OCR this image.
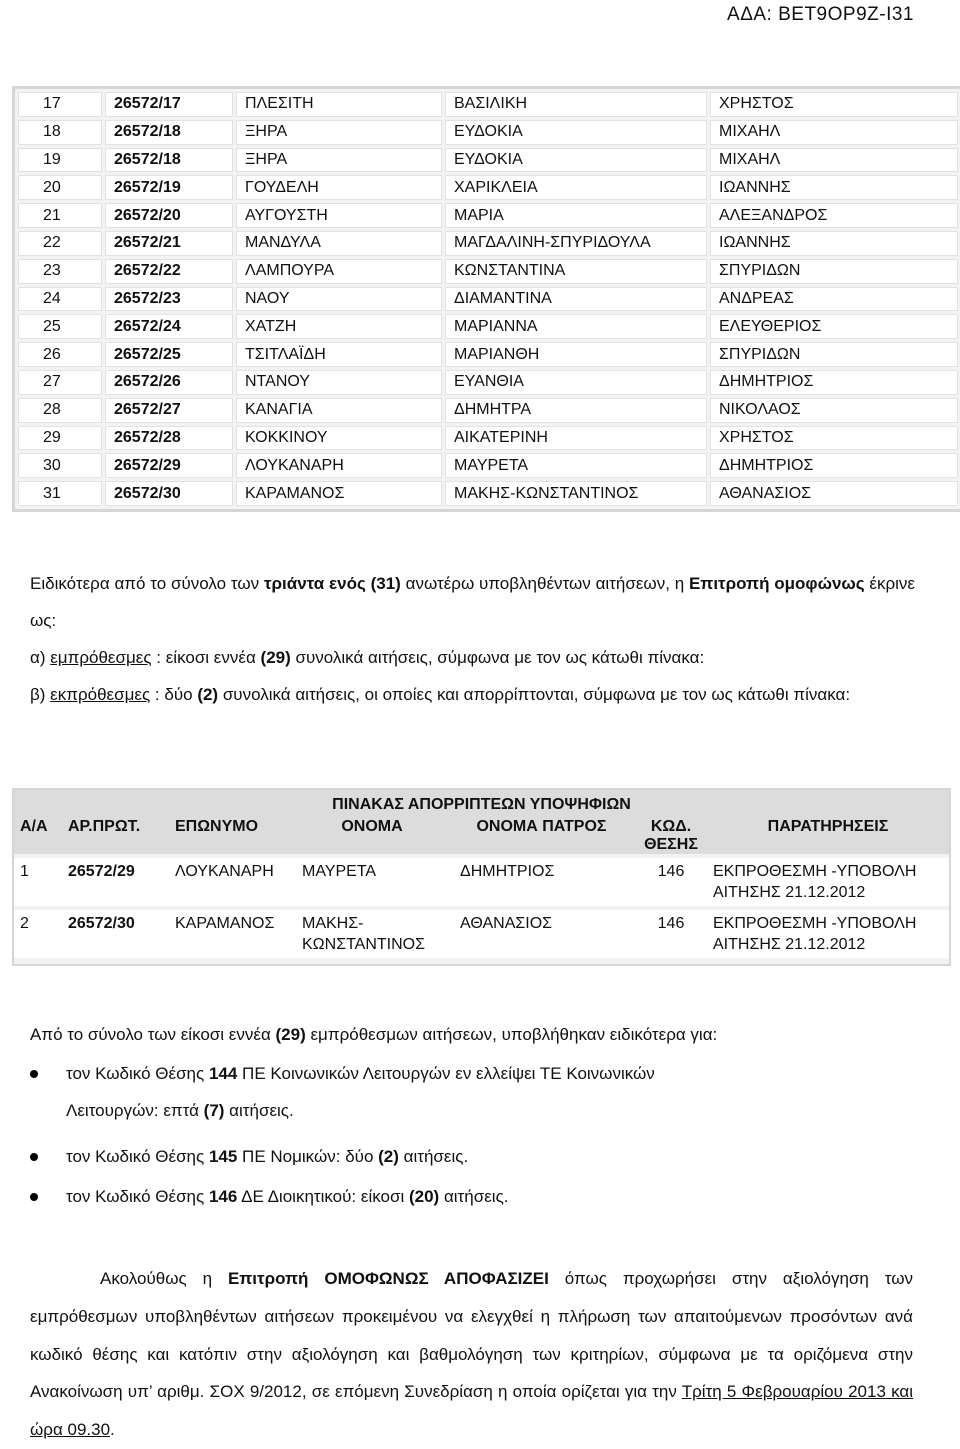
ΑΔΑ: ΒΕΤ9ΟΡ9Ζ-Ι31
17	26572/17	ΠΛΕΣΙΤΗ	ΒΑΣΙΛΙΚΗ	ΧΡΗΣΤΟΣ
18	26572/18	ΞΗΡΑ	ΕΥΔΟΚΙΑ	ΜΙΧΑΗΛ
19	26572/18	ΞΗΡΑ	ΕΥΔΟΚΙΑ	ΜΙΧΑΗΛ
20	26572/19	ΓΟΥΔΕΛΗ	ΧΑΡΙΚΛΕΙΑ	ΙΩΑΝΝΗΣ
21	26572/20	ΑΥΓΟΥΣΤΗ	ΜΑΡΙΑ	ΑΛΕΞΑΝΔΡΟΣ
22	26572/21	ΜΑΝΔΥΛΑ	ΜΑΓΔΑΛΙΝΗ-ΣΠΥΡΙΔΟΥΛΑ	ΙΩΑΝΝΗΣ
23	26572/22	ΛΑΜΠΟΥΡΑ	ΚΩΝΣΤΑΝΤΙΝΑ	ΣΠΥΡΙΔΩΝ
24	26572/23	ΝΑΟΥ	ΔΙΑΜΑΝΤΙΝΑ	ΑΝΔΡΕΑΣ
25	26572/24	ΧΑΤΖΗ	ΜΑΡΙΑΝΝΑ	ΕΛΕΥΘΕΡΙΟΣ
26	26572/25	ΤΣΙΤΛΑΪΔΗ	ΜΑΡΙΑΝΘΗ	ΣΠΥΡΙΔΩΝ
27	26572/26	ΝΤΑΝΟΥ	ΕΥΑΝΘΙΑ	ΔΗΜΗΤΡΙΟΣ
28	26572/27	ΚΑΝΑΓΙΑ	ΔΗΜΗΤΡΑ	ΝΙΚΟΛΑΟΣ
29	26572/28	ΚΟΚΚΙΝΟΥ	ΑΙΚΑΤΕΡΙΝΗ	ΧΡΗΣΤΟΣ
30	26572/29	ΛΟΥΚΑΝΑΡΗ	ΜΑΥΡΕΤΑ	ΔΗΜΗΤΡΙΟΣ
31	26572/30	ΚΑΡΑΜΑΝΟΣ	ΜΑΚΗΣ-ΚΩΝΣΤΑΝΤΙΝΟΣ	ΑΘΑΝΑΣΙΟΣ
Ειδικότερα από το σύνολο των τριάντα ενός (31) ανωτέρω υποβληθέντων αιτήσεων, η Επιτροπή ομοφώνως έκρινε ως:
α) εμπρόθεσμες : είκοσι εννέα (29) συνολικά αιτήσεις, σύμφωνα με τον ως κάτωθι πίνακα:
β) εκπρόθεσμες : δύο (2) συνολικά αιτήσεις, οι οποίες και απορρίπτονται, σύμφωνα με τον ως κάτωθι πίνακα:
ΠΙΝΑΚΑΣ ΑΠΟΡΡΙΠΤΕΩΝ ΥΠΟΨΗΦΙΩΝ
Α/Α	ΑΡ.ΠΡΩΤ.	ΕΠΩΝΥΜΟ	ΟΝΟΜΑ	ΟΝΟΜΑ ΠΑΤΡΟΣ	ΚΩΔ. ΘΕΣΗΣ	ΠΑΡΑΤΗΡΗΣΕΙΣ

1	26572/29	ΛΟΥΚΑΝΑΡΗ	ΜΑΥΡΕΤΑ	ΔΗΜΗΤΡΙΟΣ	146	ΕΚΠΡΟΘΕΣΜΗ -ΥΠΟΒΟΛΗ ΑΙΤΗΣΗΣ 21.12.2012

2	26572/30	ΚΑΡΑΜΑΝΟΣ	ΜΑΚΗΣ-ΚΩΝΣΤΑΝΤΙΝΟΣ	ΑΘΑΝΑΣΙΟΣ	146	ΕΚΠΡΟΘΕΣΜΗ -ΥΠΟΒΟΛΗ ΑΙΤΗΣΗΣ 21.12.2012
Από το σύνολο των είκοσι εννέα (29) εμπρόθεσμων αιτήσεων, υποβλήθηκαν ειδικότερα για:
τον Κωδικό Θέσης 144 ΠΕ Κοινωνικών Λειτουργών εν ελλείψει ΤΕ Κοινωνικών
Λειτουργών: επτά (7) αιτήσεις.
τον Κωδικό Θέσης 145 ΠΕ Νομικών: δύο (2) αιτήσεις.
τον Κωδικό Θέσης 146 ΔΕ Διοικητικού: είκοσι (20) αιτήσεις.
Ακολούθως η Επιτροπή ΟΜΟΦΩΝΩΣ ΑΠΟΦΑΣΙΖΕΙ όπως προχωρήσει στην αξιολόγηση των εμπρόθεσμων υποβληθέντων αιτήσεων προκειμένου να ελεγχθεί η πλήρωση των απαιτούμενων προσόντων ανά κωδικό θέσης και κατόπιν στην αξιολόγηση και βαθμολόγηση των κριτηρίων, σύμφωνα με τα οριζόμενα στην Ανακοίνωση υπ’ αριθμ. ΣΟΧ 9/2012, σε επόμενη Συνεδρίαση η οποία ορίζεται για την Τρίτη 5 Φεβρουαρίου 2013 και ώρα 09.30.
